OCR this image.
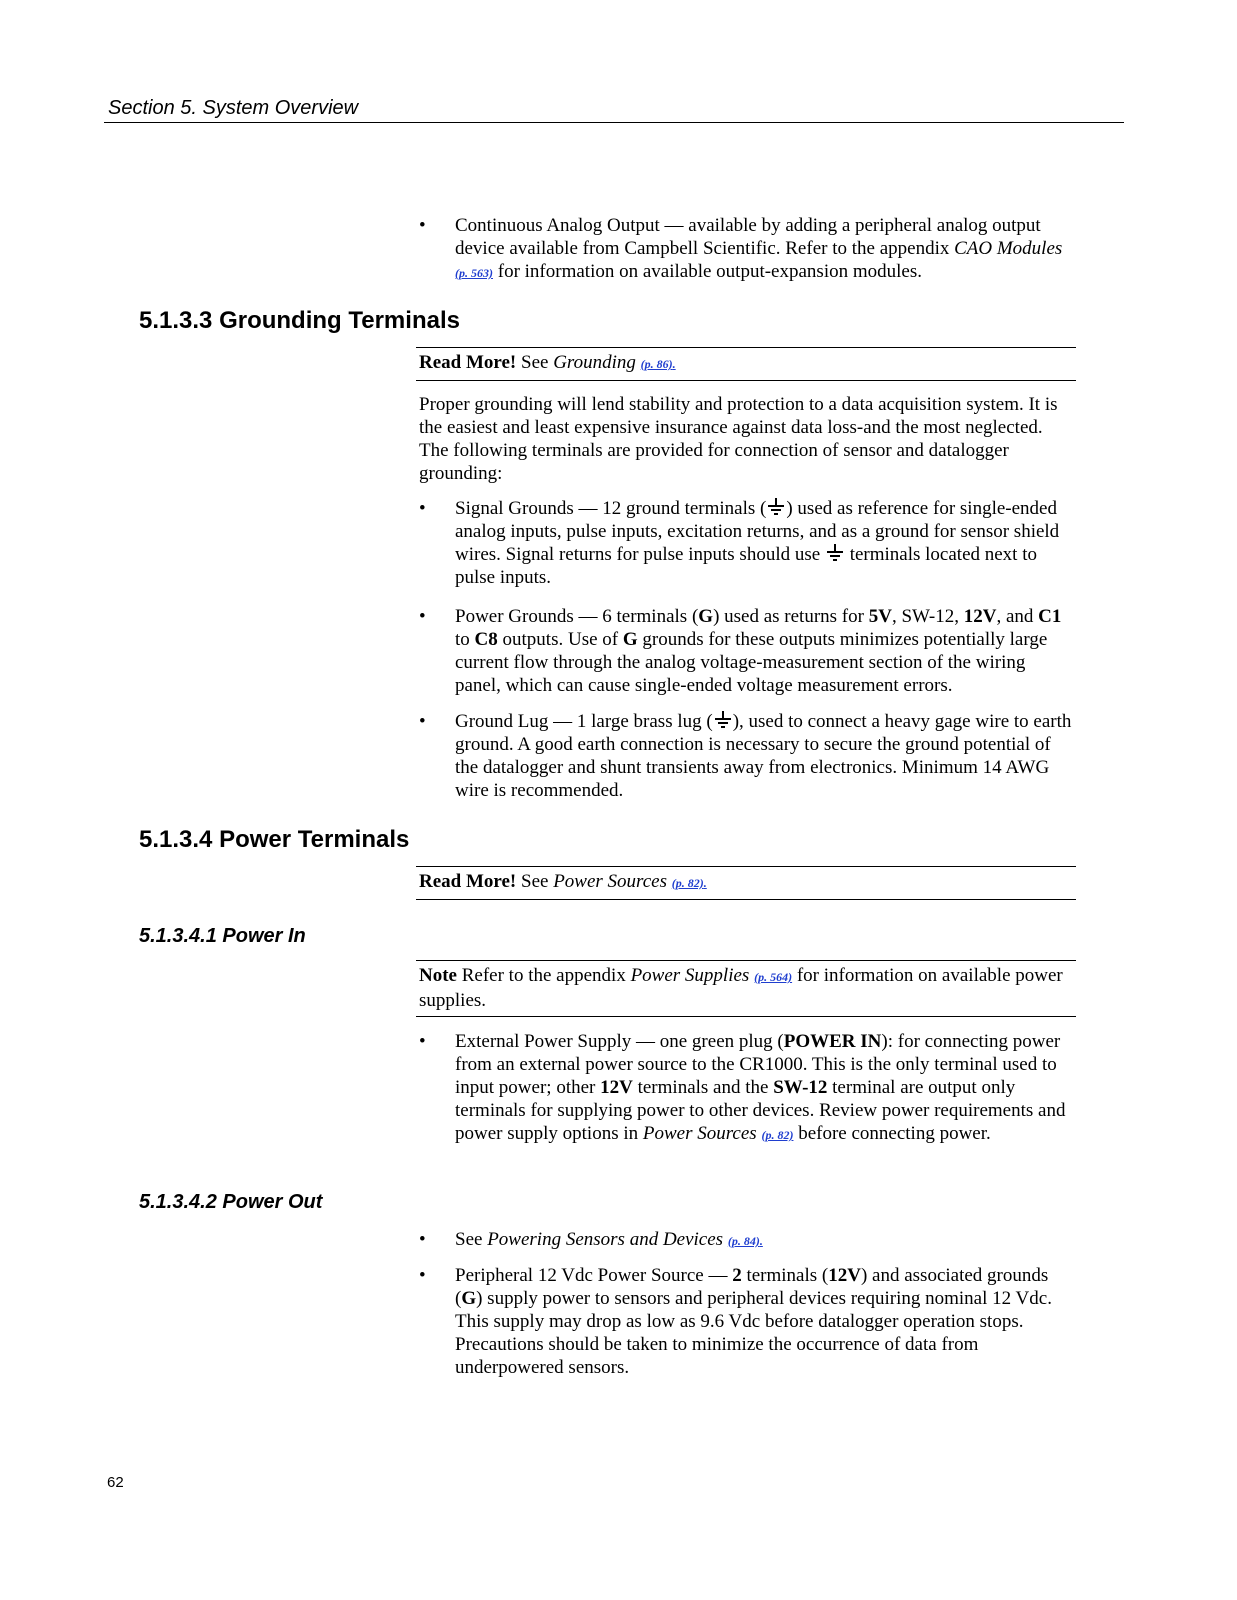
Section 5. System Overview
•	Continuous Analog Output — available by adding a peripheral analog output device available from Campbell Scientific. Refer to the appendix CAO Modules (p. 563) for information on available output-expansion modules.
5.1.3.3 Grounding Terminals
Read More! See Grounding (p. 86).
Proper grounding will lend stability and protection to a data acquisition system. It is the easiest and least expensive insurance against data loss-and the most neglected. The following terminals are provided for connection of sensor and datalogger grounding:
•	Signal Grounds — 12 ground terminals ( ) used as reference for single-ended analog inputs, pulse inputs, excitation returns, and as a ground for sensor shield wires. Signal returns for pulse inputs should use  terminals located next to pulse inputs.
•	Power Grounds — 6 terminals (G) used as returns for 5V, SW-12, 12V, and C1 to C8 outputs. Use of G grounds for these outputs minimizes potentially large current flow through the analog voltage-measurement section of the wiring panel, which can cause single-ended voltage measurement errors.
•	Ground Lug — 1 large brass lug ( ), used to connect a heavy gage wire to earth ground. A good earth connection is necessary to secure the ground potential of the datalogger and shunt transients away from electronics. Minimum 14 AWG wire is recommended.
5.1.3.4 Power Terminals
Read More! See Power Sources (p. 82).
5.1.3.4.1 Power In
Note Refer to the appendix Power Supplies (p. 564) for information on available power supplies.
•	External Power Supply — one green plug (POWER IN): for connecting power from an external power source to the CR1000. This is the only terminal used to input power; other 12V terminals and the SW-12 terminal are output only terminals for supplying power to other devices. Review power requirements and power supply options in Power Sources (p. 82) before connecting power.
5.1.3.4.2 Power Out
•	See Powering Sensors and Devices (p. 84).
•	Peripheral 12 Vdc Power Source — 2 terminals (12V) and associated grounds (G) supply power to sensors and peripheral devices requiring nominal 12 Vdc. This supply may drop as low as 9.6 Vdc before datalogger operation stops. Precautions should be taken to minimize the occurrence of data from underpowered sensors.
62
